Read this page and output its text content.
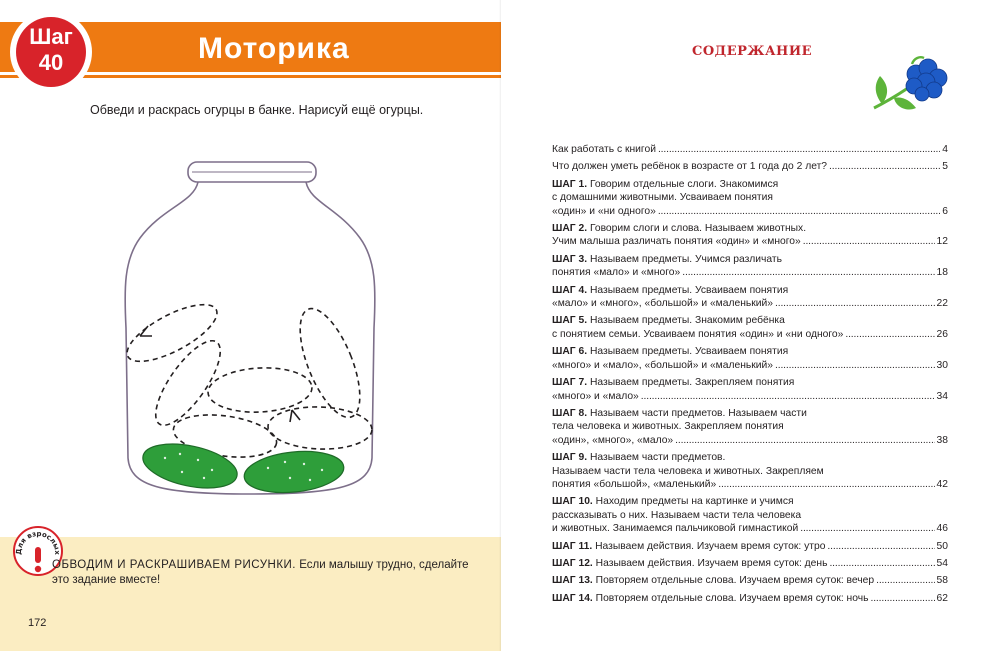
Шаг
40	Моторика
Обведи и раскрась огурцы в банке. Нарисуй ещё огурцы.
Для взрослых
ОБВОДИМ И РАСКРАШИВАЕМ РИСУНКИ. Если малышу трудно, сделайте это задание вместе!
172
СОДЕРЖАНИЕ
Как работать с книгой . . .	4
Что должен уметь ребёнок в возрасте от 1 года до 2 лет? . . .	5
ШАГ 1.
Говорим отдельные слоги. Знакомимся
с домашними животными. Усваиваем понятия
«один» и «ни одного» . . .	6
ШАГ 2.
Говорим слоги и слова. Называем животных.
Учим малыша различать понятия «один» и «много» . . .	12
ШАГ 3.
Называем предметы. Учимся различать
понятия «мало» и «много» . . .	18
ШАГ 4.
Называем предметы. Усваиваем понятия
«мало» и «много», «большой» и «маленький» . . .	22
ШАГ 5.
Называем предметы. Знакомим ребёнка
с понятием семьи. Усваиваем понятия «один» и «ни одного» . . .	26
ШАГ 6.
Называем предметы. Усваиваем понятия
«много» и «мало», «большой» и «маленький» . . .	30
ШАГ 7.
Называем предметы. Закрепляем понятия
«много» и «мало» . . .	34
ШАГ 8.
Называем части предметов. Называем части
тела человека и животных. Закрепляем понятия
«один», «много», «мало» . . .	38
ШАГ 9.
Называем части предметов.
Называем части тела человека и животных. Закрепляем
понятия «большой», «маленький» . . .	42
ШАГ 10.
Находим предметы на картинке и учимся
рассказывать о них. Называем части тела человека
и животных. Занимаемся пальчиковой гимнастикой . . .	46
ШАГ 11.
Называем действия. Изучаем время суток: утро . . .	50
ШАГ 12.
Называем действия. Изучаем время суток: день . . .	54
ШАГ 13.
Повторяем отдельные слова. Изучаем время суток: вечер . . .	58
ШАГ 14.
Повторяем отдельные слова. Изучаем время суток: ночь . . .	62
